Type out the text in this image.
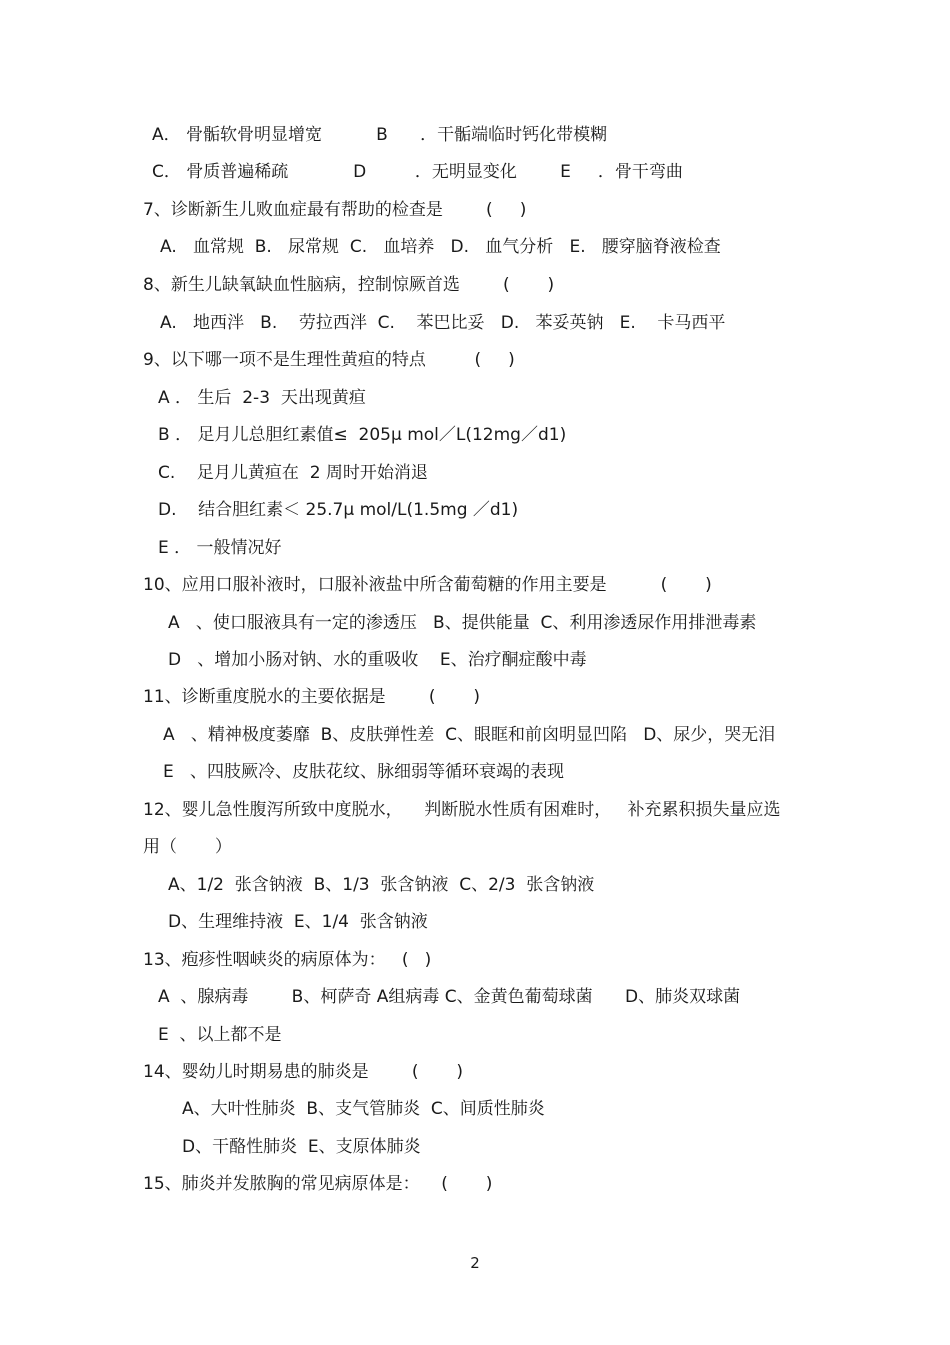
A． 骨骺软骨明显增宽          B      ．干骺端临时钙化带模糊
C． 骨质普遍稀疏            D         ．无明显变化        E     ．骨干弯曲
7、诊断新生儿败血症最有帮助的检查是        (     )
A.   血常规  B.   尿常规  C.   血培养   D.   血气分析   E.   腰穿脑脊液检查
8、新生儿缺氧缺血性脑病，控制惊厥首选        (       )
A.   地西泮   B.    劳拉西泮  C.    苯巴比妥   D.   苯妥英钠   E.    卡马西平
9、以下哪一项不是生理性黄疸的特点         (     )
A ． 生后  2-3  天出现黄疸
B ． 足月儿总胆红素值≤  205μ mol／L(12mg／d1)
C.    足月儿黄疸在  2 周时开始消退
D.    结合胆红素＜ 25.7μ mol/L(1.5mg ／d1)
E ． 一般情况好
10、应用口服补液时，口服补液盐中所含葡萄糖的作用主要是          (       )
A   、使口服液具有一定的渗透压   B、提供能量  C、利用渗透尿作用排泄毒素
D   、增加小肠对钠、水的重吸收    E、治疗酮症酸中毒
11、诊断重度脱水的主要依据是        (       )
A   、精神极度萎靡  B、皮肤弹性差  C、眼眶和前囟明显凹陷   D、尿少，哭无泪
E   、四肢厥冷、皮肤花纹、脉细弱等循环衰竭的表现
12、婴儿急性腹泻所致中度脱水，    判断脱水性质有困难时，   补充累积损失量应选
用（       ）
A、1/2  张含钠液  B、1/3  张含钠液  C、2/3  张含钠液
D、生理维持液  E、1/4  张含钠液
13、疱疹性咽峡炎的病原体为：   (   )
A  、腺病毒        B、柯萨奇 A组病毒 C、金黄色葡萄球菌      D、肺炎双球菌
E  、以上都不是
14、婴幼儿时期易患的肺炎是        (       )
A、大叶性肺炎  B、支气管肺炎  C、间质性肺炎
D、干酪性肺炎  E、支原体肺炎
15、肺炎并发脓胸的常见病原体是：    (       )
2
